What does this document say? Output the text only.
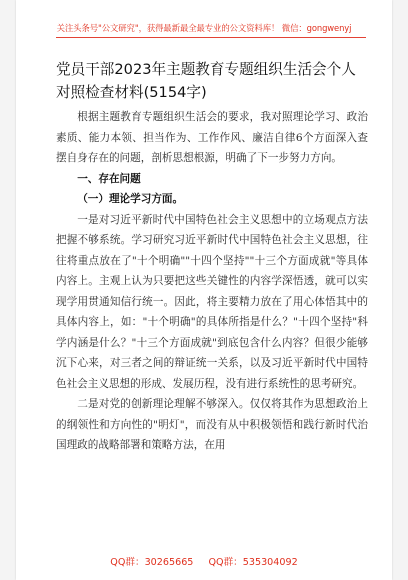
关注头条号"公文研究"，获得最新最全最专业的公文资料库！ 微信：gongwenyj
党员干部2023年主题教育专题组织生活会个人对照检查材料(5154字)

根据主题教育专题组织生活会的要求，我对照理论学习、政治素质、能力本领、担当作为、工作作风、廉洁自律6个方面深入查摆自身存在的问题，剖析思想根源，明确了下一步努力方向。

一、存在问题

（一）理论学习方面。

一是对习近平新时代中国特色社会主义思想中的立场观点方法把握不够系统。学习研究习近平新时代中国特色社会主义思想，往往将重点放在了"十个明确""十四个坚持""十三个方面成就"等具体内容上。主观上认为只要把这些关键性的内容学深悟透，就可以实现学用贯通知信行统一。因此，将主要精力放在了用心体悟其中的具体内容上，如："十个明确"的具体所指是什么？"十四个坚持"科学内涵是什么？"十三个方面成就"到底包含什么内容？但很少能够沉下心来，对三者之间的辩证统一关系，以及习近平新时代中国特色社会主义思想的形成、发展历程，没有进行系统性的思考研究。

二是对党的创新理论理解不够深入。仅仅将其作为思想政治上的纲领性和方向性的"明灯"，而没有从中积极领悟和践行新时代治国理政的战略部署和策略方法，在用

QQ群：30265665 QQ群：535304092
